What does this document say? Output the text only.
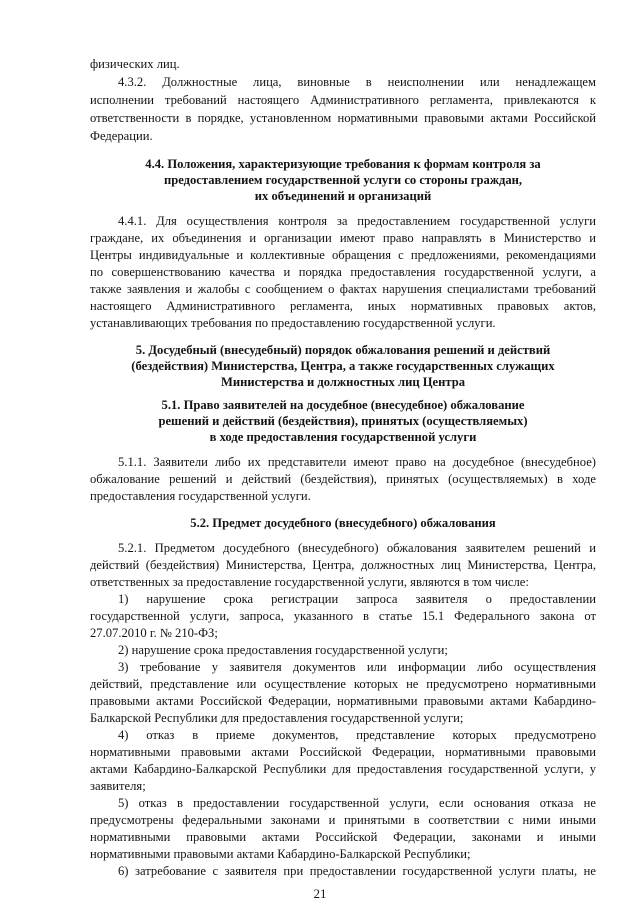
физических лиц.
4.3.2. Должностные лица, виновные в неисполнении или ненадлежащем
исполнении требований настоящего Административного регламента, привлекаются к
ответственности в порядке, установленном нормативными правовыми актами Российской
Федерации.
4.4. Положения, характеризующие требования к формам контроля за
предоставлением государственной услуги со стороны граждан,
их объединений и организаций
4.4.1. Для осуществления контроля за предоставлением государственной услуги
граждане, их объединения и организации имеют право направлять в Министерство и
Центры индивидуальные и коллективные обращения с предложениями, рекомендациями
по совершенствованию качества и порядка предоставления государственной услуги, а
также заявления и жалобы с сообщением о фактах нарушения специалистами требований
настоящего Административного регламента, иных нормативных правовых актов,
устанавливающих требования по предоставлению государственной услуги.
5. Досудебный (внесудебный) порядок обжалования решений и действий
(бездействия) Министерства, Центра, а также государственных служащих
Министерства и должностных лиц Центра
5.1. Право заявителей на досудебное (внесудебное) обжалование
решений и действий (бездействия), принятых (осуществляемых)
в ходе предоставления государственной услуги
5.1.1. Заявители либо их представители имеют право на досудебное (внесудебное)
обжалование решений и действий (бездействия), принятых (осуществляемых) в ходе
предоставления государственной услуги.
5.2. Предмет досудебного (внесудебного) обжалования
5.2.1. Предметом досудебного (внесудебного) обжалования заявителем решений и
действий (бездействия) Министерства, Центра, должностных лиц Министерства, Центра,
ответственных за предоставление государственной услуги, являются в том числе:
1) нарушение срока регистрации запроса заявителя о предоставлении
государственной услуги, запроса, указанного в статье 15.1 Федерального закона от
27.07.2010 г. № 210-ФЗ;
2) нарушение срока предоставления государственной услуги;
3) требование у заявителя документов или информации либо осуществления
действий, представление или осуществление которых не предусмотрено нормативными
правовыми актами Российской Федерации, нормативными правовыми актами Кабардино-
Балкарской Республики для предоставления государственной услуги;
4) отказ в приеме документов, представление которых предусмотрено
нормативными правовыми актами Российской Федерации, нормативными правовыми
актами Кабардино-Балкарской Республики для предоставления государственной услуги, у
заявителя;
5) отказ в предоставлении государственной услуги, если основания отказа не
предусмотрены федеральными законами и принятыми в соответствии с ними иными
нормативными правовыми актами Российской Федерации, законами и иными
нормативными правовыми актами Кабардино-Балкарской Республики;
6) затребование с заявителя при предоставлении государственной услуги платы, не
21
